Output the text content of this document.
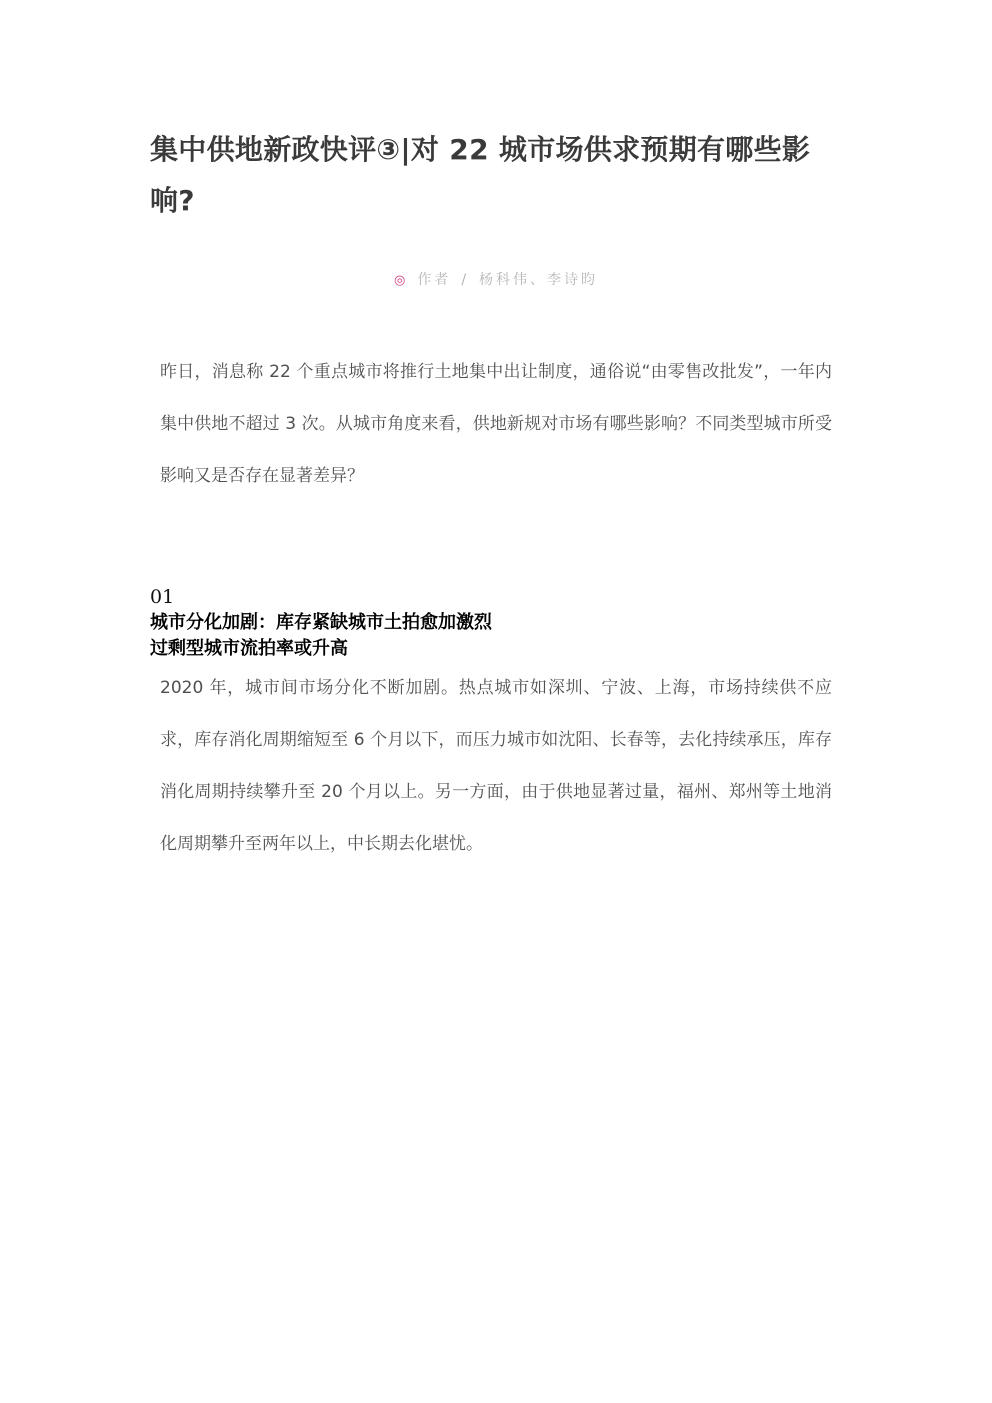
集中供地新政快评③|对 22 城市场供求预期有哪些影响?
◎ 作者 / 杨科伟、李诗昀

昨日，消息称 22 个重点城市将推行土地集中出让制度，通俗说“由零售改批发”，一年内集中供地不超过 3 次。从城市角度来看，供地新规对市场有哪些影响？不同类型城市所受影响又是否存在显著差异？

01
城市分化加剧：库存紧缺城市土拍愈加激烈
过剩型城市流拍率或升高

2020 年，城市间市场分化不断加剧。热点城市如深圳、宁波、上海，市场持续供不应求，库存消化周期缩短至 6 个月以下，而压力城市如沈阳、长春等，去化持续承压，库存消化周期持续攀升至 20 个月以上。另一方面，由于供地显著过量，福州、郑州等土地消化周期攀升至两年以上，中长期去化堪忧。
